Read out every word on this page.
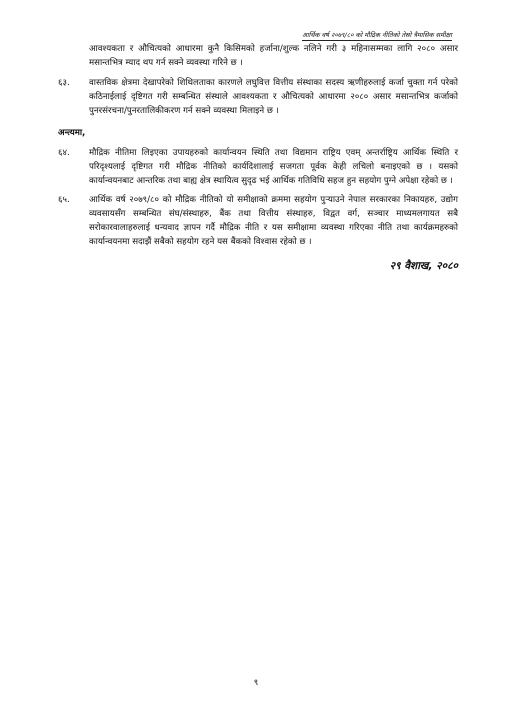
आर्थिक वर्ष २०७९/८० को मौद्रिक नीतिको तेस्रो त्रैमासिक समीक्षा
आवश्यकता र औचित्यको आधारमा कुनै किसिमको हर्जाना/शुल्क नलिने गरी ३ महिनासम्मका लागि २०८० असार मसान्तभित्र म्याद थप गर्न सक्ने व्यवस्था गरिने छ ।
६३. वास्तविक क्षेत्रमा देखापरेको शिथिलताका कारणले लघुवित्त वित्तीय संस्थाका सदस्य ऋणीहरुलाई कर्जा चुक्ता गर्न परेको कठिनाईलाई दृष्टिगत गरी सम्बन्धित संस्थाले आवश्यकता र औचित्यको आधारमा २०८० असार मसान्तभित्र कर्जाको पुनरसंरचना/पुनरतालिकीकरण गर्न सक्ने व्यवस्था मिलाइने छ ।
अन्त्यमा,
६४. मौद्रिक नीतिमा लिइएका उपायहरुको कार्यान्वयन स्थिति तथा विद्यमान राष्ट्रिय एवम् अन्तर्राष्ट्रिय आर्थिक स्थिति र परिदृश्यलाई दृष्टिगत गरी मौद्रिक नीतिको कार्यदिशालाई सजगता पूर्वक केही लचिलो बनाइएको छ । यसको कार्यान्वयनबाट आन्तरिक तथा बाह्य क्षेत्र स्थायित्व सुदृढ भई आर्थिक गतिविधि सहज हुन सहयोग पुग्ने अपेक्षा रहेको छ ।
६५. आर्थिक वर्ष २०७९/८० को मौद्रिक नीतिको यो समीक्षाको क्रममा सहयोग पुर्‍याउने नेपाल सरकारका निकायहरु, उद्योग व्यवसायसँग सम्बन्धित संघ/संस्थाहरु, बैंक तथा वित्तीय संस्थाहरु, विद्वत वर्ग, सञ्चार माध्यमलगायत सबै सरोकारवालाहरुलाई धन्यवाद ज्ञापन गर्दै मौद्रिक नीति र यस समीक्षामा व्यवस्था गरिएका नीति तथा कार्यक्रमहरुको कार्यान्वयनमा सदाझैं सबैको सहयोग रहने यस बैंकको विश्वास रहेको छ ।
२९ वैशाख, २०८०
९
